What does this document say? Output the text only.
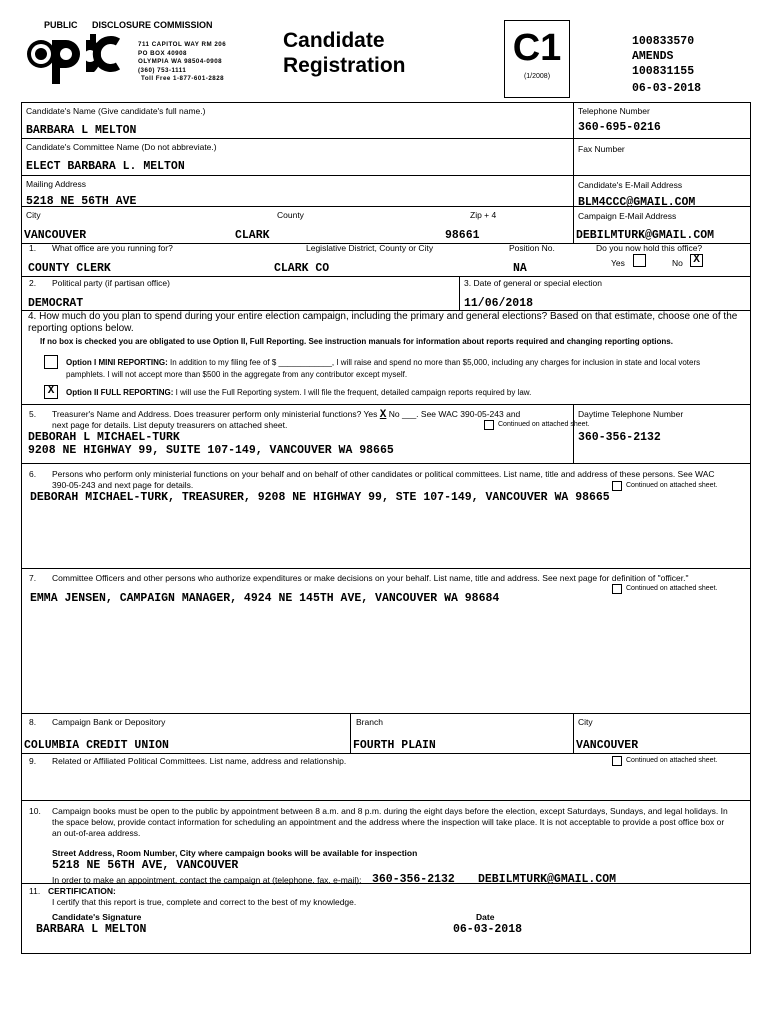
PUBLIC DISCLOSURE COMMISSION
711 CAPITOL WAY RM 206
PO BOX 40908
OLYMPIA WA 98504-0908
(360) 753-1111
Toll Free 1-877-601-2828
Candidate
Registration	C1
(1/2008)
100833570
AMENDS
100831155
06-03-2018
Candidate's Name (Give candidate's full name.)
BARBARA L MELTON
Telephone Number
360-695-0216
Candidate's Committee Name (Do not abbreviate.)
ELECT BARBARA L. MELTON
Fax Number
Mailing Address
5218 NE 56TH AVE
Candidate's E-Mail Address
BLM4CCC@GMAIL.COM
City	County	Zip + 4	Campaign E-Mail Address
VANCOUVER	CLARK	98661	DEBILMTURK@GMAIL.COM
1. What office are you running for?	Legislative District, County or City	Position No.	Do you now hold this office?
Yes	No X
COUNTY CLERK	CLARK CO	NA
2. Political party (if partisan office)	3. Date of general or special election
DEMOCRAT	11/06/2018
4. How much do you plan to spend during your entire election campaign, including the primary and general elections? Based on that estimate, choose one of the reporting options below.
If no box is checked you are obligated to use Option II, Full Reporting. See instruction manuals for information about reports required and changing reporting options.
Option I MINI REPORTING: In addition to my filing fee of $ ____________, I will raise and spend no more than $5,000, including any charges for inclusion in state and local voters pamphlets. I will not accept more than $500 in the aggregate from any contributor except myself.
X	Option II FULL REPORTING: I will use the Full Reporting system. I will file the frequent, detailed campaign reports required by law.
5. Treasurer's Name and Address. Does treasurer perform only ministerial functions? Yes X No ___. See WAC 390-05-243 and
next page for details. List deputy treasurers on attached sheet.	Continued on attached sheet.
DEBORAH L MICHAEL-TURK
9208 NE HIGHWAY 99, SUITE 107-149, VANCOUVER WA 98665
Daytime Telephone Number
360-356-2132
6. Persons who perform only ministerial functions on your behalf and on behalf of other candidates or political committees. List name, title and address of these persons. See WAC 390-05-243 and next page for details.	Continued on attached sheet.
DEBORAH MICHAEL-TURK, TREASURER, 9208 NE HIGHWAY 99, STE 107-149, VANCOUVER WA 98665
7. Committee Officers and other persons who authorize expenditures or make decisions on your behalf. List name, title and address. See next page for definition of "officer."
Continued on attached sheet.
EMMA JENSEN, CAMPAIGN MANAGER, 4924 NE 145TH AVE, VANCOUVER WA 98684
8. Campaign Bank or Depository	Branch	City
COLUMBIA CREDIT UNION	FOURTH PLAIN	VANCOUVER
9. Related or Affiliated Political Committees. List name, address and relationship.	Continued on attached sheet.
10. Campaign books must be open to the public by appointment between 8 a.m. and 8 p.m. during the eight days before the election, except Saturdays, Sundays, and legal holidays. In the space below, provide contact information for scheduling an appointment and the address where the inspection will take place. It is not acceptable to provide a post office box or an out-of-area address.
Street Address, Room Number, City where campaign books will be available for inspection
5218 NE 56TH AVE, VANCOUVER
In order to make an appointment, contact the campaign at (telephone, fax, e-mail): 360-356-2132 DEBILMTURK@GMAIL.COM
11. CERTIFICATION:
I certify that this report is true, complete and correct to the best of my knowledge.
Candidate's Signature
BARBARA L MELTON
Date
06-03-2018
